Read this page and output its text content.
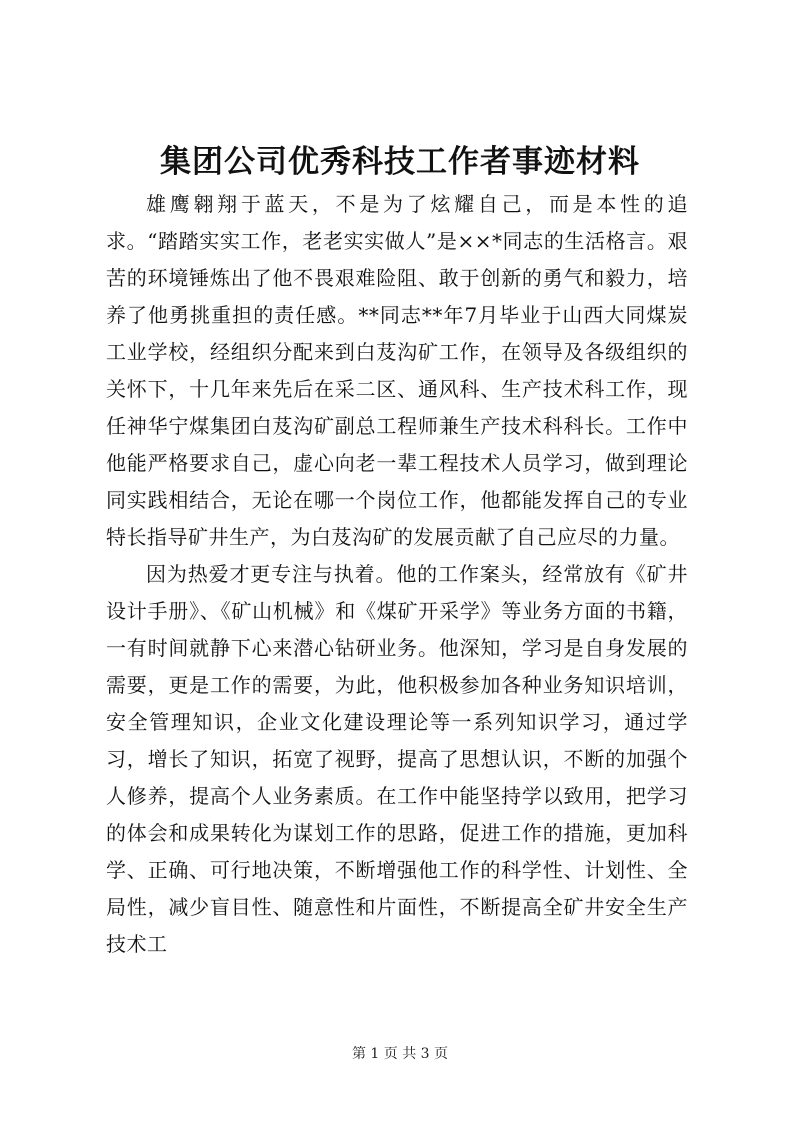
集团公司优秀科技工作者事迹材料

雄鹰翱翔于蓝天，不是为了炫耀自己，而是本性的追求。“踏踏实实工作，老老实实做人”是××*同志的生活格言。艰苦的环境锤炼出了他不畏艰难险阻、敢于创新的勇气和毅力，培养了他勇挑重担的责任感。**同志**年7月毕业于山西大同煤炭工业学校，经组织分配来到白芨沟矿工作，在领导及各级组织的关怀下，十几年来先后在采二区、通风科、生产技术科工作，现任神华宁煤集团白芨沟矿副总工程师兼生产技术科科长。工作中他能严格要求自己，虚心向老一辈工程技术人员学习，做到理论同实践相结合，无论在哪一个岗位工作，他都能发挥自己的专业特长指导矿井生产，为白芨沟矿的发展贡献了自己应尽的力量。

因为热爱才更专注与执着。他的工作案头，经常放有《矿井设计手册》、《矿山机械》和《煤矿开采学》等业务方面的书籍，一有时间就静下心来潜心钻研业务。他深知，学习是自身发展的需要，更是工作的需要，为此，他积极参加各种业务知识培训，安全管理知识，企业文化建设理论等一系列知识学习，通过学习，增长了知识，拓宽了视野，提高了思想认识，不断的加强个人修养，提高个人业务素质。在工作中能坚持学以致用，把学习的体会和成果转化为谋划工作的思路，促进工作的措施，更加科学、正确、可行地决策，不断增强他工作的科学性、计划性、全局性，减少盲目性、随意性和片面性，不断提高全矿井安全生产技术工

第 1 页 共 3 页
